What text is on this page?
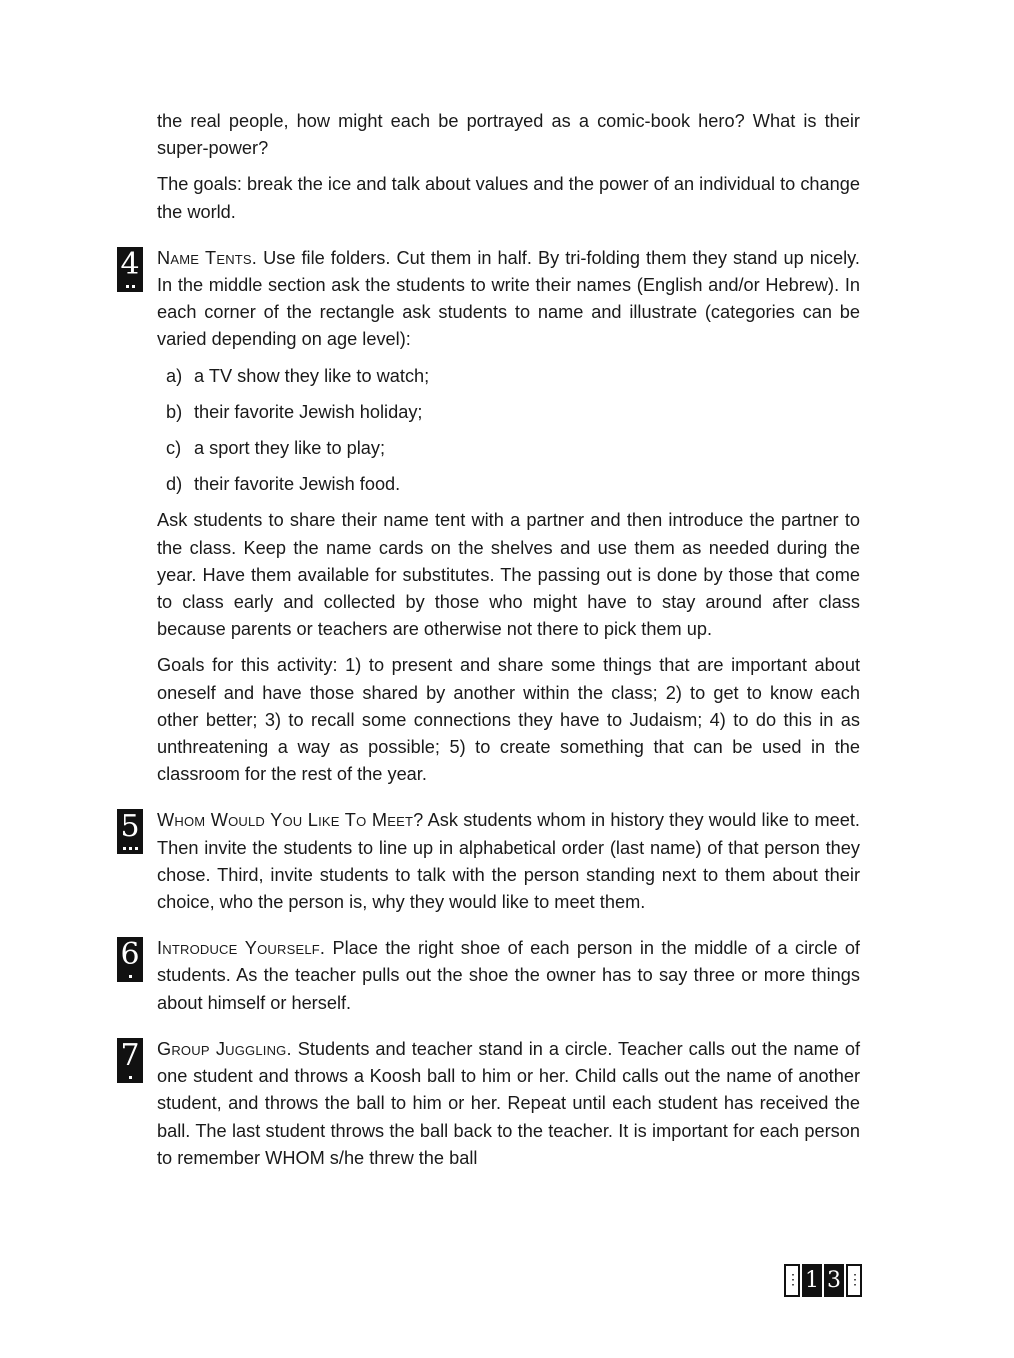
the real people, how might each be portrayed as a comic-book hero? What is their super-power?

The goals: break the ice and talk about values and the power of an individual to change the world.

4 Name Tents. Use file folders. Cut them in half. By tri-folding them they stand up nicely. In the middle section ask the students to write their names (English and/or Hebrew). In each corner of the rectangle ask students to name and illustrate (categories can be varied depending on age level):

a) a TV show they like to watch;
b) their favorite Jewish holiday;
c) a sport they like to play;
d) their favorite Jewish food.

Ask students to share their name tent with a partner and then introduce the partner to the class. Keep the name cards on the shelves and use them as needed during the year. Have them available for substitutes. The passing out is done by those that come to class early and collected by those who might have to stay around after class because parents or teachers are otherwise not there to pick them up.

Goals for this activity: 1) to present and share some things that are important about oneself and have those shared by another within the class; 2) to get to know each other better; 3) to recall some connections they have to Judaism; 4) to do this in as unthreatening a way as possible; 5) to create something that can be used in the classroom for the rest of the year.

5 Whom Would You Like To Meet? Ask students whom in history they would like to meet. Then invite the students to line up in alphabetical order (last name) of that person they chose. Third, invite students to talk with the person standing next to them about their choice, who the person is, why they would like to meet them.

6 Introduce Yourself. Place the right shoe of each person in the middle of a circle of students. As the teacher pulls out the shoe the owner has to say three or more things about himself or herself.

7 Group Juggling. Students and teacher stand in a circle. Teacher calls out the name of one student and throws a Koosh ball to him or her. Child calls out the name of another student, and throws the ball to him or her. Repeat until each student has received the ball. The last student throws the ball back to the teacher. It is important for each person to remember WHOM s/he threw the ball

⋮ 1 3 ⋮
